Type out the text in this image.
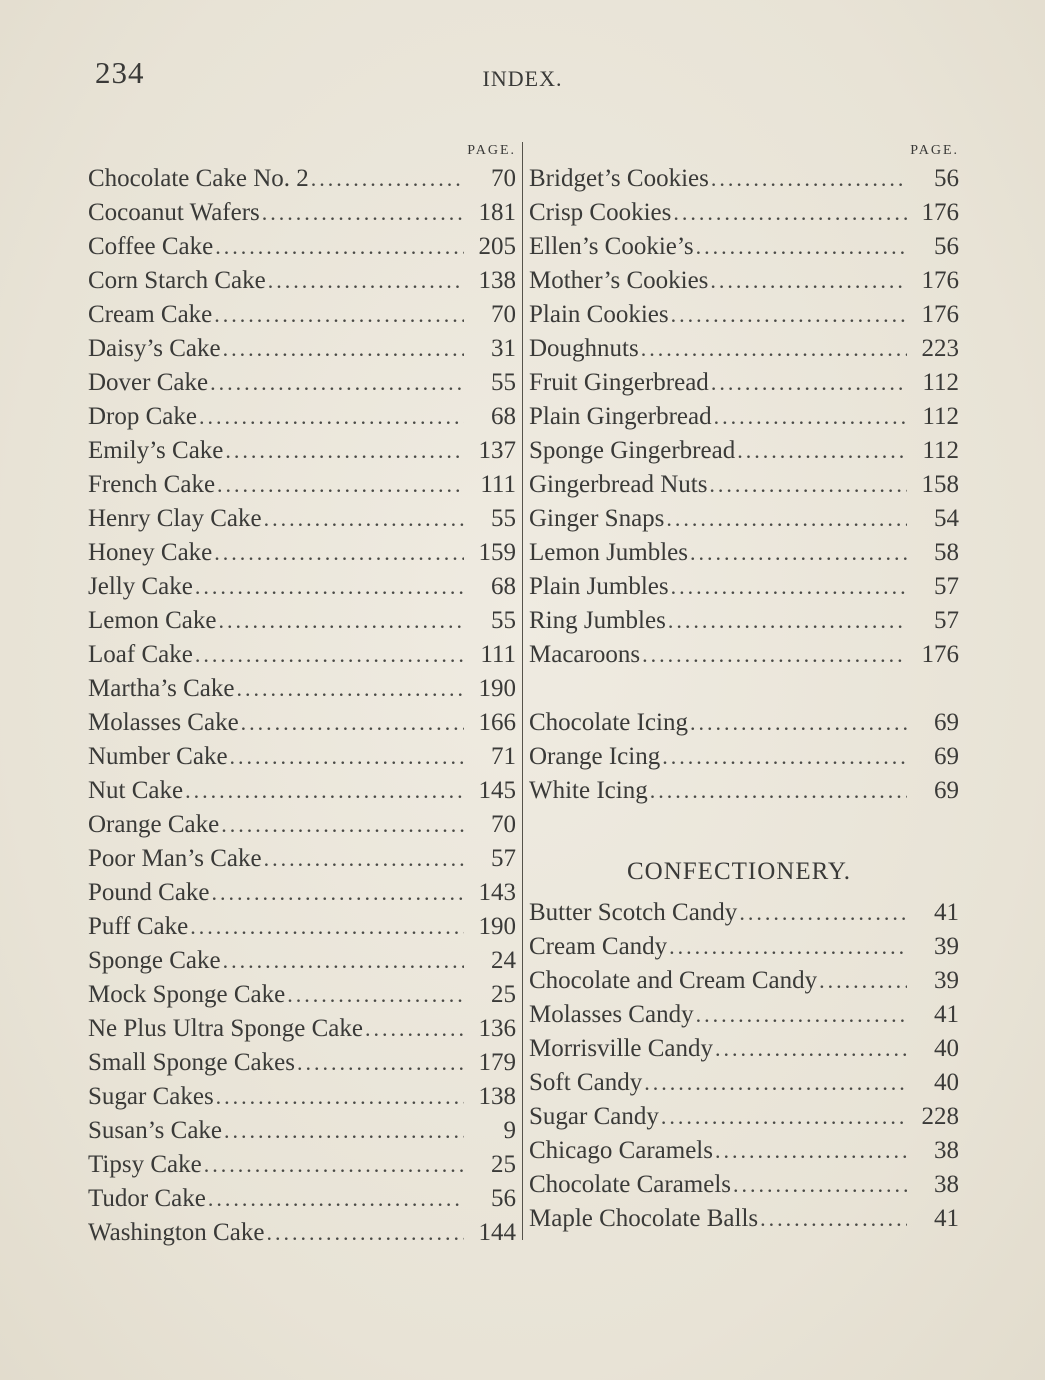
234	INDEX.
PAGE.
Chocolate Cake No. 2 .....	70
Cocoanut Wafers .....	181
Coffee Cake .....	205
Corn Starch Cake .....	138
Cream Cake .....	70
Daisy’s Cake .....	31
Dover Cake .....	55
Drop Cake .....	68
Emily’s Cake .....	137
French Cake .....	111
Henry Clay Cake .....	55
Honey Cake .....	159
Jelly Cake .....	68
Lemon Cake .....	55
Loaf Cake .....	111
Martha’s Cake .....	190
Molasses Cake .....	166
Number Cake .....	71
Nut Cake .....	145
Orange Cake .....	70
Poor Man’s Cake .....	57
Pound Cake .....	143
Puff Cake .....	190
Sponge Cake .....	24
Mock Sponge Cake .....	25
Ne Plus Ultra Sponge Cake .....	136
Small Sponge Cakes .....	179
Sugar Cakes .....	138
Susan’s Cake .....	9
Tipsy Cake .....	25
Tudor Cake .....	56
Washington Cake .....	144
PAGE.
Bridget’s Cookies .....	56
Crisp Cookies .....	176
Ellen’s Cookie’s .....	56
Mother’s Cookies .....	176
Plain Cookies .....	176
Doughnuts .....	223
Fruit Gingerbread .....	112
Plain Gingerbread .....	112
Sponge Gingerbread .....	112
Gingerbread Nuts .....	158
Ginger Snaps .....	54
Lemon Jumbles .....	58
Plain Jumbles .....	57
Ring Jumbles .....	57
Macaroons .....	176
Chocolate Icing .....	69
Orange Icing .....	69
White Icing .....	69
CONFECTIONERY.
Butter Scotch Candy .....	41
Cream Candy .....	39
Chocolate and Cream Candy .....	39
Molasses Candy .....	41
Morrisville Candy .....	40
Soft Candy .....	40
Sugar Candy .....	228
Chicago Caramels .....	38
Chocolate Caramels .....	38
Maple Chocolate Balls .....	41
